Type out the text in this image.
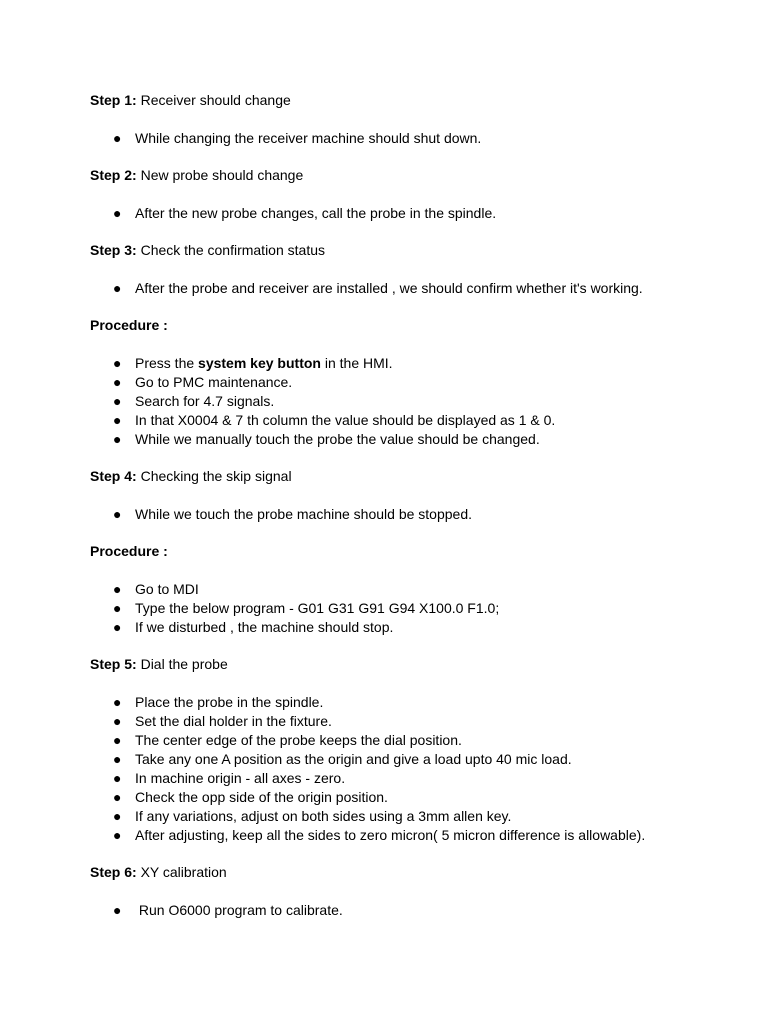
Step 1: Receiver should change
● While changing the receiver machine should shut down.
Step 2: New probe should change
● After the new probe changes, call the probe in the spindle.
Step 3: Check the confirmation status
● After the probe and receiver are installed , we should confirm whether it's working.
Procedure :
● Press the system key button in the HMI.
● Go to PMC maintenance.
● Search for 4.7 signals.
● In that X0004 & 7 th column the value should be displayed as 1 & 0.
● While we manually touch the probe the value should be changed.
Step 4: Checking the skip signal
● While we touch the probe machine should be stopped.
Procedure :
● Go to MDI
● Type the below program - G01 G31 G91 G94 X100.0 F1.0;
● If we disturbed , the machine should stop.
Step 5: Dial the probe
● Place the probe in the spindle.
● Set the dial holder in the fixture.
● The center edge of the probe keeps the dial position.
● Take any one A position as the origin and give a load upto 40 mic load.
● In machine origin - all axes - zero.
● Check the opp side of the origin position.
● If any variations, adjust on both sides using a 3mm allen key.
● After adjusting, keep all the sides to zero micron( 5 micron difference is allowable).
Step 6: XY calibration
● Run O6000 program to calibrate.
